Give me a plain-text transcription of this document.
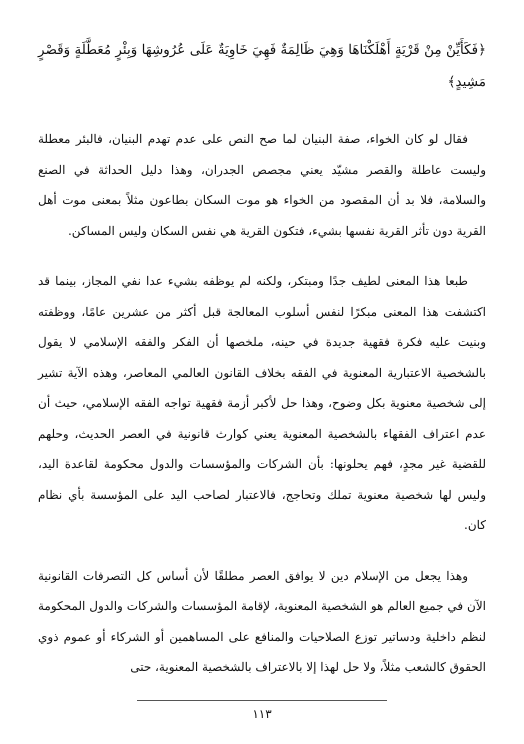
﴿فَكَأَيِّنْ مِنْ قَرْيَةٍ أَهْلَكْنَاهَا وَهِيَ ظَالِمَةٌ فَهِيَ خَاوِيَةٌ عَلَى عُرُوشِهَا وَبِئْرٍ مُعَطَّلَةٍ وَقَصْرٍ مَشِيدٍ﴾

فقال لو كان الخواء، صفة البنيان لما صح النص على عدم تهدم البنيان، فالبئر معطلة وليست عاطلة والقصر مشيّد يعني مجصص الجدران، وهذا دليل الحداثة في الصنع والسلامة، فلا بد أن المقصود من الخواء هو موت السكان بطاعون مثلاً بمعنى موت أهل القرية دون تأثر القرية نفسها بشيء، فتكون القرية هي نفس السكان وليس المساكن.

طبعا هذا المعنى لطيف جدًا ومبتكر، ولكنه لم يوظفه بشيء عدا نفي المجاز، بينما قد اكتشفت هذا المعنى مبكرًا لنفس أسلوب المعالجة قبل أكثر من عشرين عامًا، ووظفته وبنيت عليه فكرة فقهية جديدة في حينه، ملخصها أن الفكر والفقه الإسلامي لا يقول بالشخصية الاعتبارية المعنوية في الفقه بخلاف القانون العالمي المعاصر، وهذه الآية تشير إلى شخصية معنوية بكل وضوح، وهذا حل لأكبر أزمة فقهية تواجه الفقه الإسلامي، حيث أن عدم اعتراف الفقهاء بالشخصية المعنوية يعني كوارث قانونية في العصر الحديث، وحلهم للقضية غير مجدٍ، فهم يحلونها: بأن الشركات والمؤسسات والدول محكومة لقاعدة اليد، وليس لها شخصية معنوية تملك وتحاجج، فالاعتبار لصاحب اليد على المؤسسة بأي نظام كان.

وهذا يجعل من الإسلام دين لا يوافق العصر مطلقًا لأن أساس كل التصرفات القانونية الآن في جميع العالم هو الشخصية المعنوية، لإقامة المؤسسات والشركات والدول المحكومة لنظم داخلية ودساتير توزع الصلاحيات والمنافع على المساهمين أو الشركاء أو عموم ذوي الحقوق كالشعب مثلاً، ولا حل لهذا إلا بالاعتراف بالشخصية المعنوية، حتى

١١٣
